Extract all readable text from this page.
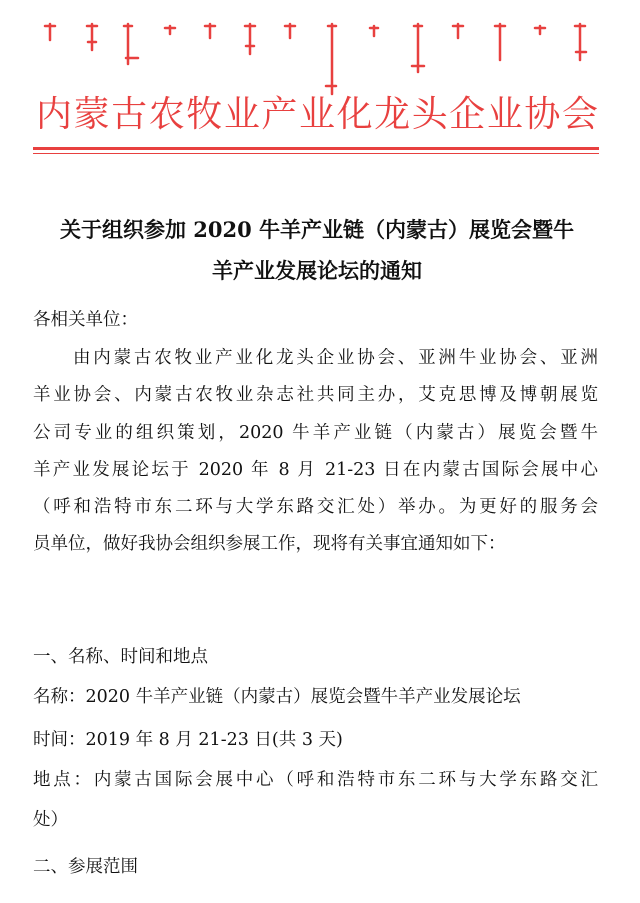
内蒙古农牧业产业化龙头企业协会
关于组织参加 2020 牛羊产业链（内蒙古）展览会暨牛
羊产业发展论坛的通知
各相关单位：
由内蒙古农牧业产业化龙头企业协会、亚洲牛业协会、亚洲
羊业协会、内蒙古农牧业杂志社共同主办，艾克思博及博朝展览
公司专业的组织策划，2020 牛羊产业链（内蒙古）展览会暨牛
羊产业发展论坛于 2020 年 8 月 21-23 日在内蒙古国际会展中心
（呼和浩特市东二环与大学东路交汇处）举办。为更好的服务会
员单位，做好我协会组织参展工作，现将有关事宜通知如下：
一、名称、时间和地点
名称：2020 牛羊产业链（内蒙古）展览会暨牛羊产业发展论坛
时间：2019 年 8 月 21-23 日(共 3 天)
地点：内蒙古国际会展中心（呼和浩特市东二环与大学东路交汇
处）
二、参展范围
